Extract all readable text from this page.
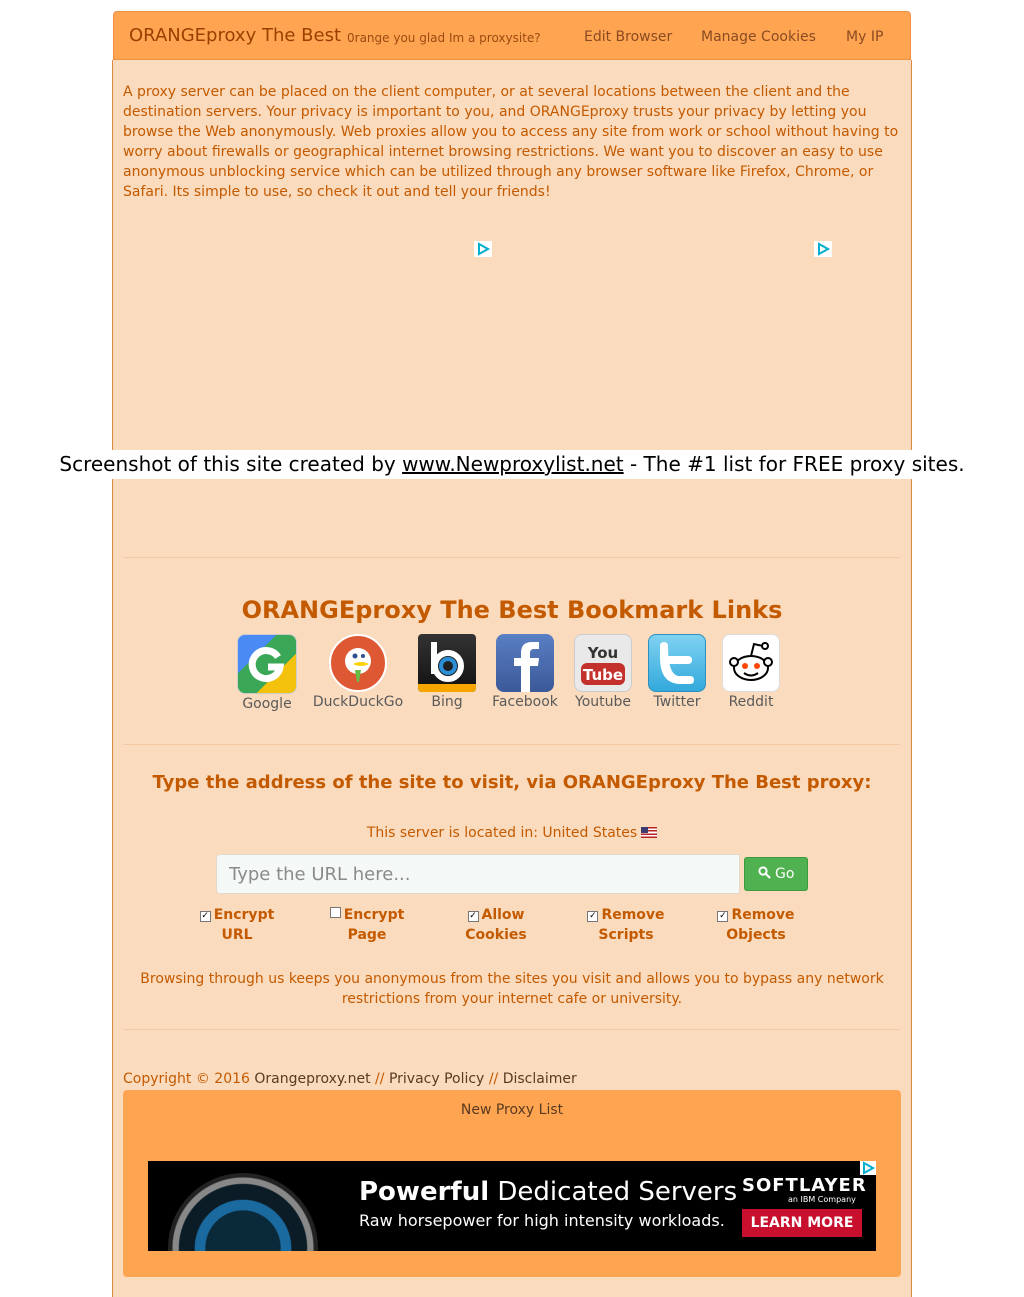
ORANGEproxy The Best 0range you glad Im a proxysite?	Edit Browser Manage Cookies My IP
A proxy server can be placed on the client computer, or at several locations between the client and the destination servers. Your privacy is important to you, and ORANGEproxy trusts your privacy by letting you browse the Web anonymously. Web proxies allow you to access any site from work or school without having to worry about firewalls or geographical internet browsing restrictions. We want you to discover an easy to use anonymous unblocking service which can be utilized through any browser software like Firefox, Chrome, or Safari. Its simple to use, so check it out and tell your friends!
Screenshot of this site created by www.Newproxylist.net - The #1 list for FREE proxy sites.
ORANGEproxy The Best Bookmark Links
Google	DuckDuckGo	Bing	Facebook
You
Tube
Youtube	Twitter	Reddit
Type the address of the site to visit, via ORANGEproxy The Best proxy:
This server is located in: United States
Type the URL here...
Go
✓ Encrypt
URL
Encrypt
Page
✓ Allow
Cookies
✓ Remove
Scripts
✓ Remove
Objects
Browsing through us keeps you anonymous from the sites you visit and allows you to bypass any network restrictions from your internet cafe or university.
Copyright © 2016 Orangeproxy.net // Privacy Policy // Disclaimer
New Proxy List
Powerful Dedicated Servers
Raw horsepower for high intensity workloads.
SOFTLAYER
an IBM Company
LEARN MORE
